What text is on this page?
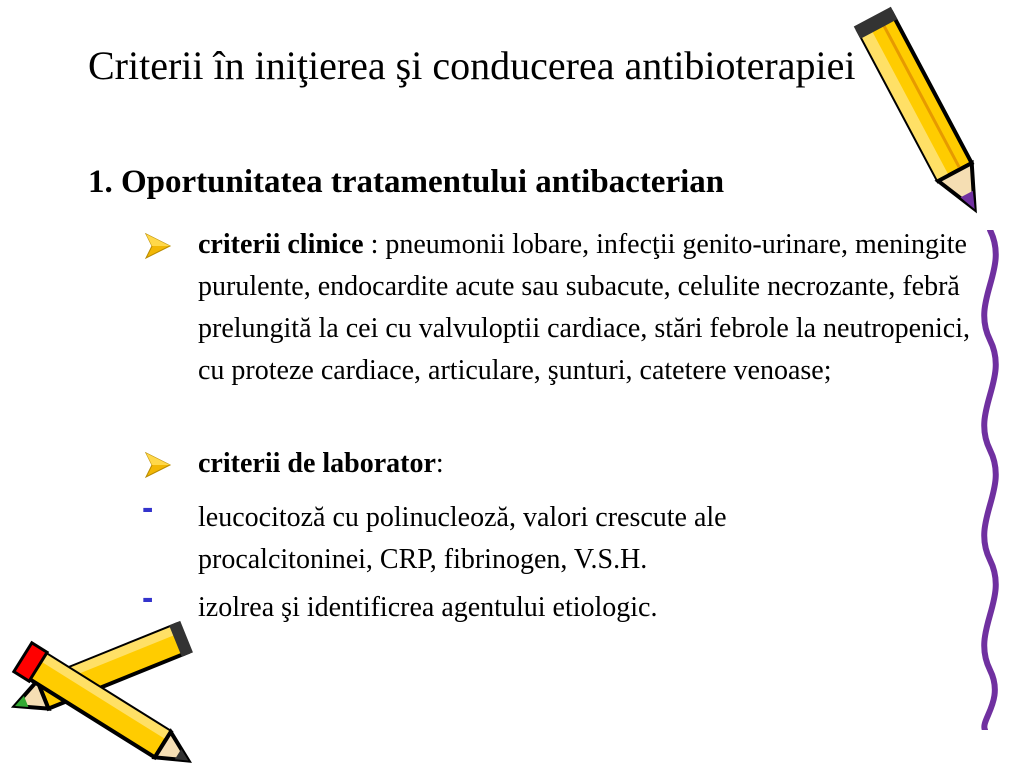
Criterii în iniţierea şi conducerea antibioterapiei
1. Oportunitatea tratamentului antibacterian
criterii clinice : pneumonii lobare, infecţii genito-urinare, meningite purulente, endocardite acute sau subacute, celulite necrozante, febră prelungită la cei cu valvuloptii cardiace, stări febrole la neutropenici, cu proteze cardiace, articulare, şunturi, catetere venoase;
criterii de laborator:
- leucocitoză cu polinucleoză, valori crescute ale procalcitoninei, CRP, fibrinogen, V.S.H.
- izolrea şi identificrea agentului etiologic.
